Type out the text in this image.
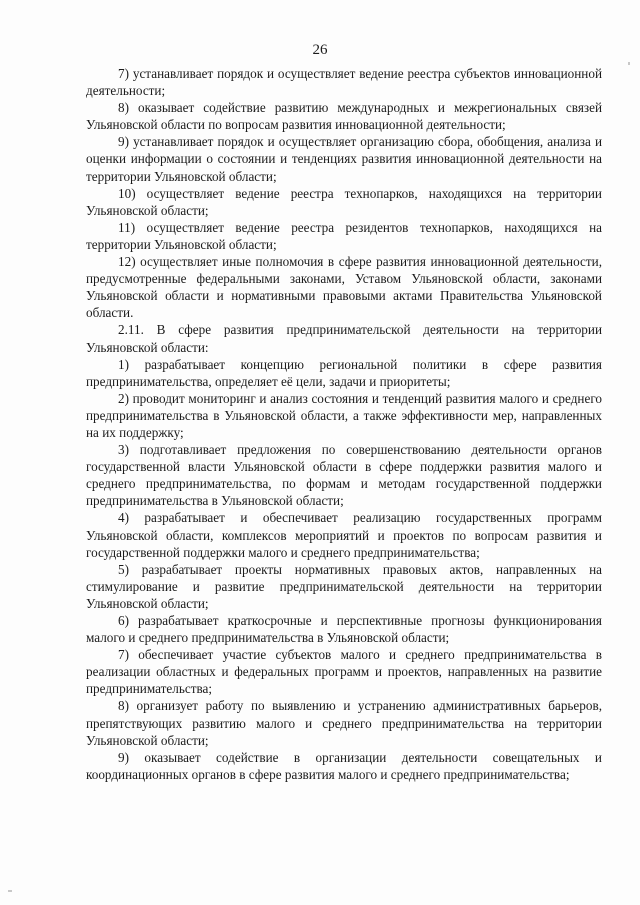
26

7) устанавливает порядок и осуществляет ведение реестра субъектов инновационной деятельности;

8) оказывает содействие развитию международных и межрегиональных связей Ульяновской области по вопросам развития инновационной деятельности;

9) устанавливает порядок и осуществляет организацию сбора, обобщения, анализа и оценки информации о состоянии и тенденциях развития инновационной деятельности на территории Ульяновской области;

10) осуществляет ведение реестра технопарков, находящихся на территории Ульяновской области;

11) осуществляет ведение реестра резидентов технопарков, находящихся на территории Ульяновской области;

12) осуществляет иные полномочия в сфере развития инновационной деятельности, предусмотренные федеральными законами, Уставом Ульяновской области, законами Ульяновской области и нормативными правовыми актами Правительства Ульяновской области.

2.11. В сфере развития предпринимательской деятельности на территории Ульяновской области:

1) разрабатывает концепцию региональной политики в сфере развития предпринимательства, определяет её цели, задачи и приоритеты;

2) проводит мониторинг и анализ состояния и тенденций развития малого и среднего предпринимательства в Ульяновской области, а также эффективности мер, направленных на их поддержку;

3) подготавливает предложения по совершенствованию деятельности органов государственной власти Ульяновской области в сфере поддержки развития малого и среднего предпринимательства, по формам и методам государственной поддержки предпринимательства в Ульяновской области;

4) разрабатывает и обеспечивает реализацию государственных программ Ульяновской области, комплексов мероприятий и проектов по вопросам развития и государственной поддержки малого и среднего предпринимательства;

5) разрабатывает проекты нормативных правовых актов, направленных на стимулирование и развитие предпринимательской деятельности на территории Ульяновской области;

6) разрабатывает краткосрочные и перспективные прогнозы функционирования малого и среднего предпринимательства в Ульяновской области;

7) обеспечивает участие субъектов малого и среднего предпринимательства в реализации областных и федеральных программ и проектов, направленных на развитие предпринимательства;

8) организует работу по выявлению и устранению административных барьеров, препятствующих развитию малого и среднего предпринимательства на территории Ульяновской области;

9) оказывает содействие в организации деятельности совещательных и координационных органов в сфере развития малого и среднего предпринимательства;
